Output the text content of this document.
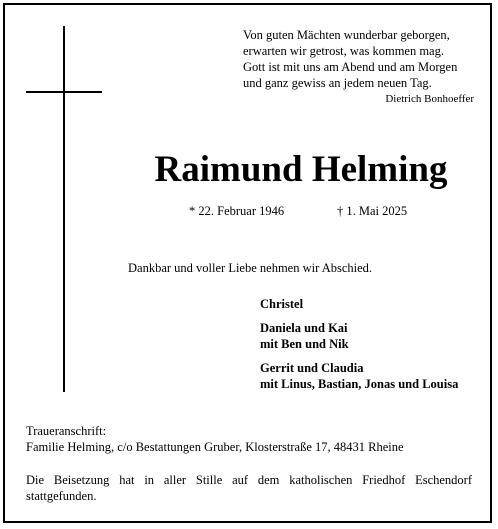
Von guten Mächten wunderbar geborgen,
erwarten wir getrost, was kommen mag.
Gott ist mit uns am Abend und am Morgen
und ganz gewiss an jedem neuen Tag.
Dietrich Bonhoeffer
Raimund Helming
* 22. Februar 1946	† 1. Mai 2025
Dankbar und voller Liebe nehmen wir Abschied.
Christel
Daniela und Kai
mit Ben und Nik
Gerrit und Claudia
mit Linus, Bastian, Jonas und Louisa
Traueranschrift:
Familie Helming, c/o Bestattungen Gruber, Klosterstraße 17, 48431 Rheine
Die Beisetzung hat in aller Stille auf dem katholischen Friedhof Eschendorf stattgefunden.
